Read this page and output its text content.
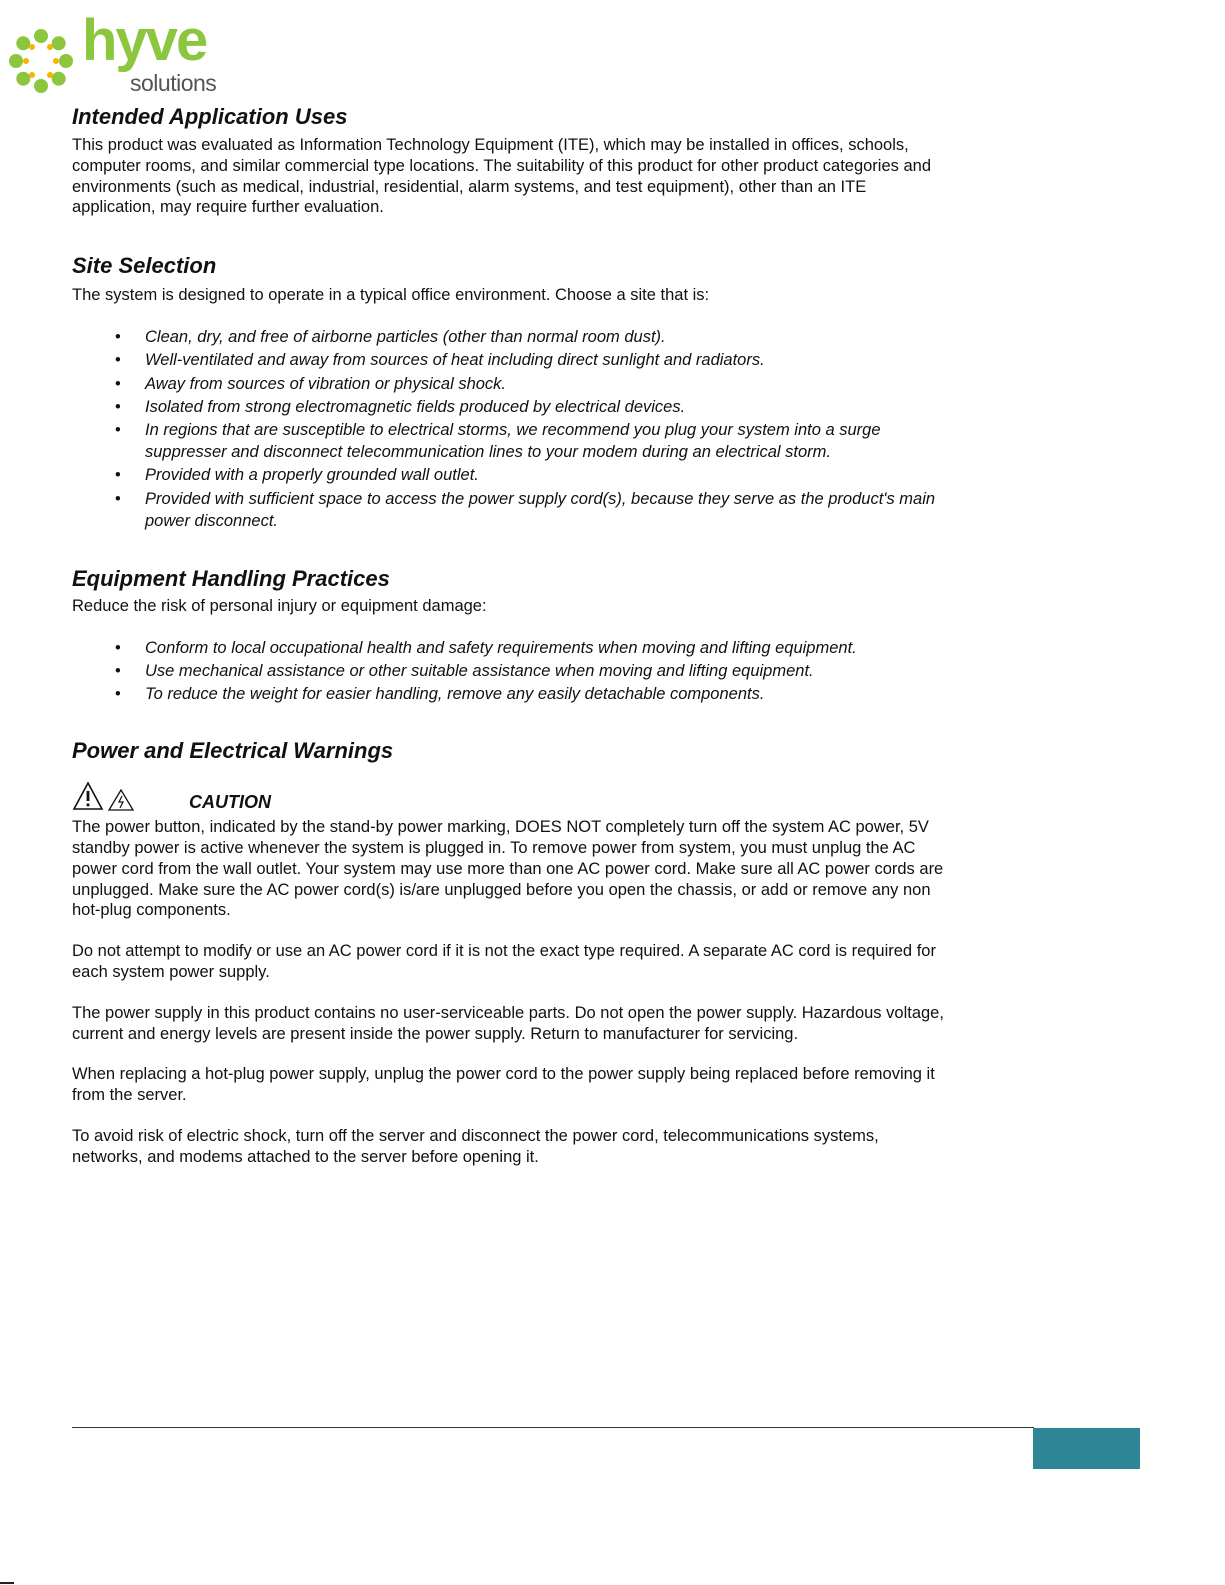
hyve
solutions
Intended Application Uses

This product was evaluated as Information Technology Equipment (ITE), which may be installed in offices, schools, computer rooms, and similar commercial type locations. The suitability of this product for other product categories and environments (such as medical, industrial, residential, alarm systems, and test equipment), other than an ITE application, may require further evaluation.

Site Selection

The system is designed to operate in a typical office environment. Choose a site that is:

• Clean, dry, and free of airborne particles (other than normal room dust).
• Well-ventilated and away from sources of heat including direct sunlight and radiators.
• Away from sources of vibration or physical shock.
• Isolated from strong electromagnetic fields produced by electrical devices.
• In regions that are susceptible to electrical storms, we recommend you plug your system into a surge suppresser and disconnect telecommunication lines to your modem during an electrical storm.
• Provided with a properly grounded wall outlet.
• Provided with sufficient space to access the power supply cord(s), because they serve as the product's main power disconnect.
Equipment Handling Practices

Reduce the risk of personal injury or equipment damage:

• Conform to local occupational health and safety requirements when moving and lifting equipment.
• Use mechanical assistance or other suitable assistance when moving and lifting equipment.
• To reduce the weight for easier handling, remove any easily detachable components.
Power and Electrical Warnings
CAUTION

The power button, indicated by the stand-by power marking, DOES NOT completely turn off the system AC power, 5V standby power is active whenever the system is plugged in. To remove power from system, you must unplug the AC power cord from the wall outlet. Your system may use more than one AC power cord. Make sure all AC power cords are unplugged. Make sure the AC power cord(s) is/are unplugged before you open the chassis, or add or remove any non hot-plug components.

Do not attempt to modify or use an AC power cord if it is not the exact type required. A separate AC cord is required for each system power supply.

The power supply in this product contains no user-serviceable parts. Do not open the power supply. Hazardous voltage, current and energy levels are present inside the power supply. Return to manufacturer for servicing.

When replacing a hot-plug power supply, unplug the power cord to the power supply being replaced before removing it from the server.

To avoid risk of electric shock, turn off the server and disconnect the power cord, telecommunications systems, networks, and modems attached to the server before opening it.
